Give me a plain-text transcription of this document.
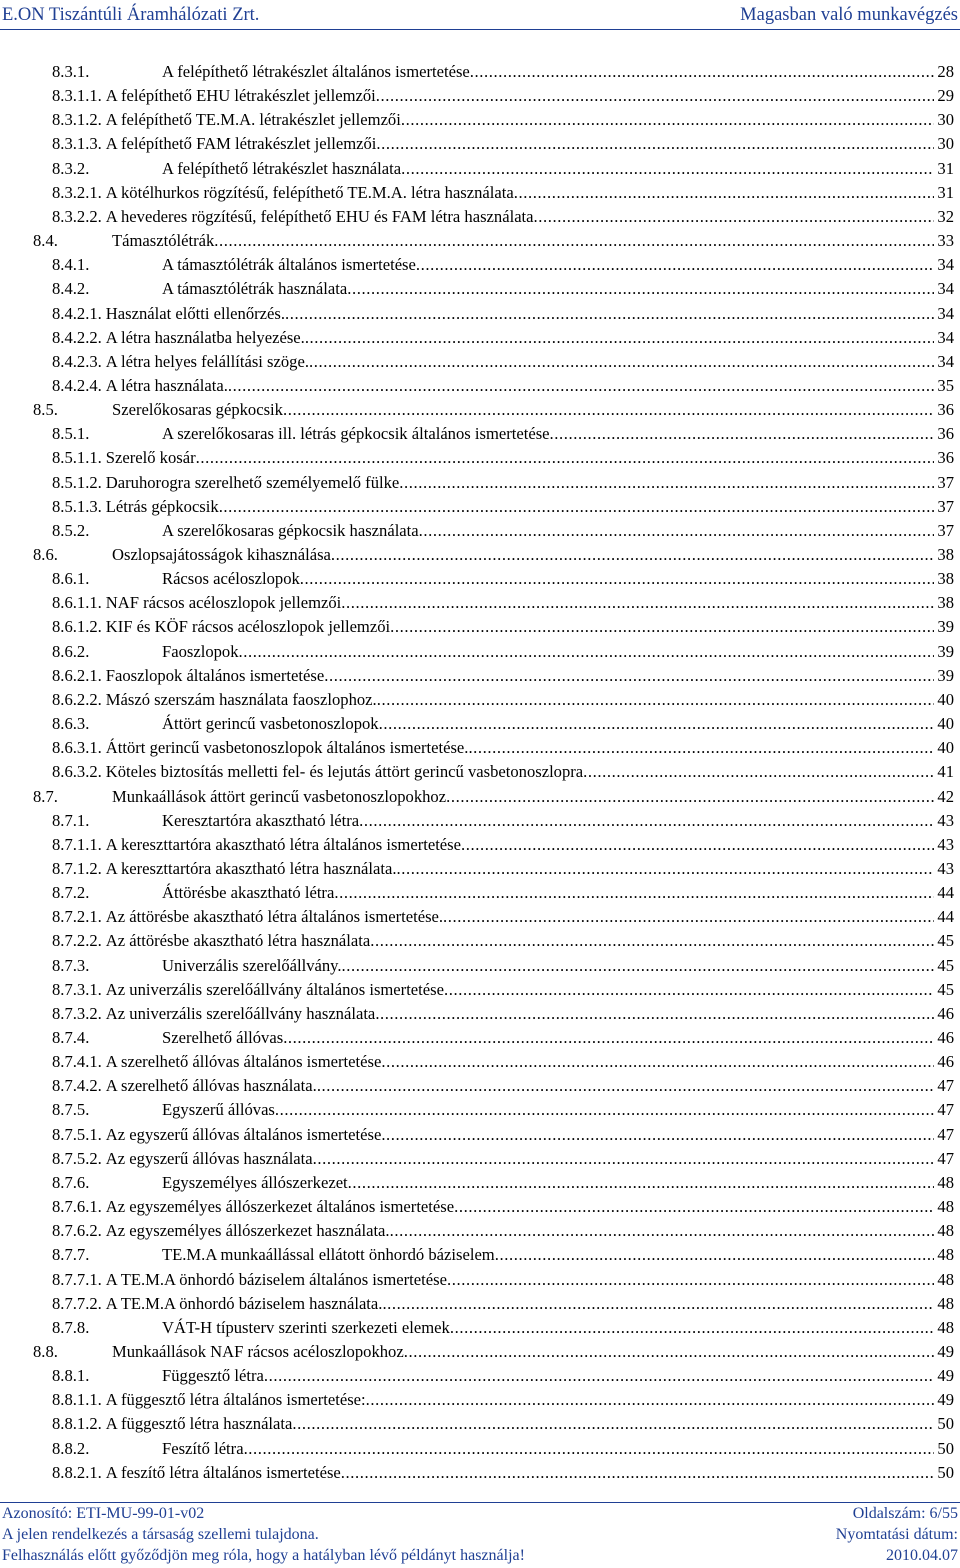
E.ON Tiszántúli Áramhálózati Zrt.	Magasban való munkavégzés
8.3.1.	A felépíthető létrakészlet általános ismertetése .....	28
8.3.1.1. A felépíthető EHU létrakészlet jellemzői .....	29
8.3.1.2. A felépíthető TE.M.A. létrakészlet jellemzői .....	30
8.3.1.3. A felépíthető FAM létrakészlet jellemzői .....	30
8.3.2.	A felépíthető létrakészlet használata .....	31
8.3.2.1. A kötélhurkos rögzítésű, felépíthető TE.M.A. létra használata .....	31
8.3.2.2. A hevederes rögzítésű, felépíthető EHU és FAM létra használata .....	32
8.4.	Támasztólétrák .....	33
8.4.1.	A támasztólétrák általános ismertetése .....	34
8.4.2.	A támasztólétrák használata .....	34
8.4.2.1. Használat előtti ellenőrzés. .....	34
8.4.2.2. A létra használatba helyezése. .....	34
8.4.2.3. A létra helyes felállítási szöge. .....	34
8.4.2.4. A létra használata. .....	35
8.5.	Szerelőkosaras gépkocsik .....	36
8.5.1.	A szerelőkosaras ill. létrás gépkocsik általános ismertetése .....	36
8.5.1.1. Szerelő kosár .....	36
8.5.1.2. Daruhorogra szerelhető személyemelő fülke .....	37
8.5.1.3. Létrás gépkocsik .....	37
8.5.2.	A szerelőkosaras gépkocsik használata .....	37
8.6.	Oszlopsajátosságok kihasználása .....	38
8.6.1.	Rácsos acéloszlopok .....	38
8.6.1.1. NAF rácsos acéloszlopok jellemzői .....	38
8.6.1.2. KIF és KÖF rácsos acéloszlopok jellemzői .....	39
8.6.2.	Faoszlopok .....	39
8.6.2.1. Faoszlopok általános ismertetése .....	39
8.6.2.2. Mászó szerszám használata faoszlophoz. .....	40
8.6.3.	Áttört gerincű vasbetonoszlopok .....	40
8.6.3.1. Áttört gerincű vasbetonoszlopok általános ismertetése. .....	40
8.6.3.2. Köteles biztosítás melletti fel- és lejutás áttört gerincű vasbetonoszlopra .....	41
8.7.	Munkaállások áttört gerincű vasbetonoszlopokhoz .....	42
8.7.1.	Keresztartóra akasztható létra .....	43
8.7.1.1. A kereszttartóra akasztható létra általános ismertetése .....	43
8.7.1.2. A kereszttartóra akasztható létra használata. .....	43
8.7.2.	Áttörésbe akasztható létra .....	44
8.7.2.1. Az áttörésbe akasztható létra általános ismertetése. .....	44
8.7.2.2. Az áttörésbe akasztható létra használata .....	45
8.7.3.	Univerzális szerelőállvány. .....	45
8.7.3.1. Az univerzális szerelőállvány általános ismertetése .....	45
8.7.3.2. Az univerzális szerelőállvány használata .....	46
8.7.4.	Szerelhető állóvas .....	46
8.7.4.1. A szerelhető állóvas általános ismertetése .....	46
8.7.4.2. A szerelhető állóvas használata. .....	47
8.7.5.	Egyszerű állóvas .....	47
8.7.5.1. Az egyszerű állóvas általános ismertetése .....	47
8.7.5.2. Az egyszerű állóvas használata .....	47
8.7.6.	Egyszemélyes állószerkezet .....	48
8.7.6.1. Az egyszemélyes állószerkezet általános ismertetése .....	48
8.7.6.2. Az egyszemélyes állószerkezet használata. .....	48
8.7.7.	TE.M.A munkaállással ellátott önhordó báziselem .....	48
8.7.7.1. A TE.M.A önhordó báziselem általános ismertetése .....	48
8.7.7.2. A TE.M.A önhordó báziselem használata. .....	48
8.7.8.	VÁT-H típusterv szerinti szerkezeti elemek .....	48
8.8.	Munkaállások NAF rácsos acéloszlopokhoz .....	49
8.8.1.	Függesztő létra .....	49
8.8.1.1. A függesztő létra általános ismertetése: .....	49
8.8.1.2. A függesztő létra használata .....	50
8.8.2.	Feszítő létra .....	50
8.8.2.1. A feszítő létra általános ismertetése .....	50
Azonosító: ETI-MU-99-01-v02	Oldalszám: 6/55
A jelen rendelkezés a társaság szellemi tulajdona.	Nyomtatási dátum:
Felhasználás előtt győződjön meg róla, hogy a hatályban lévő példányt használja!	2010.04.07
